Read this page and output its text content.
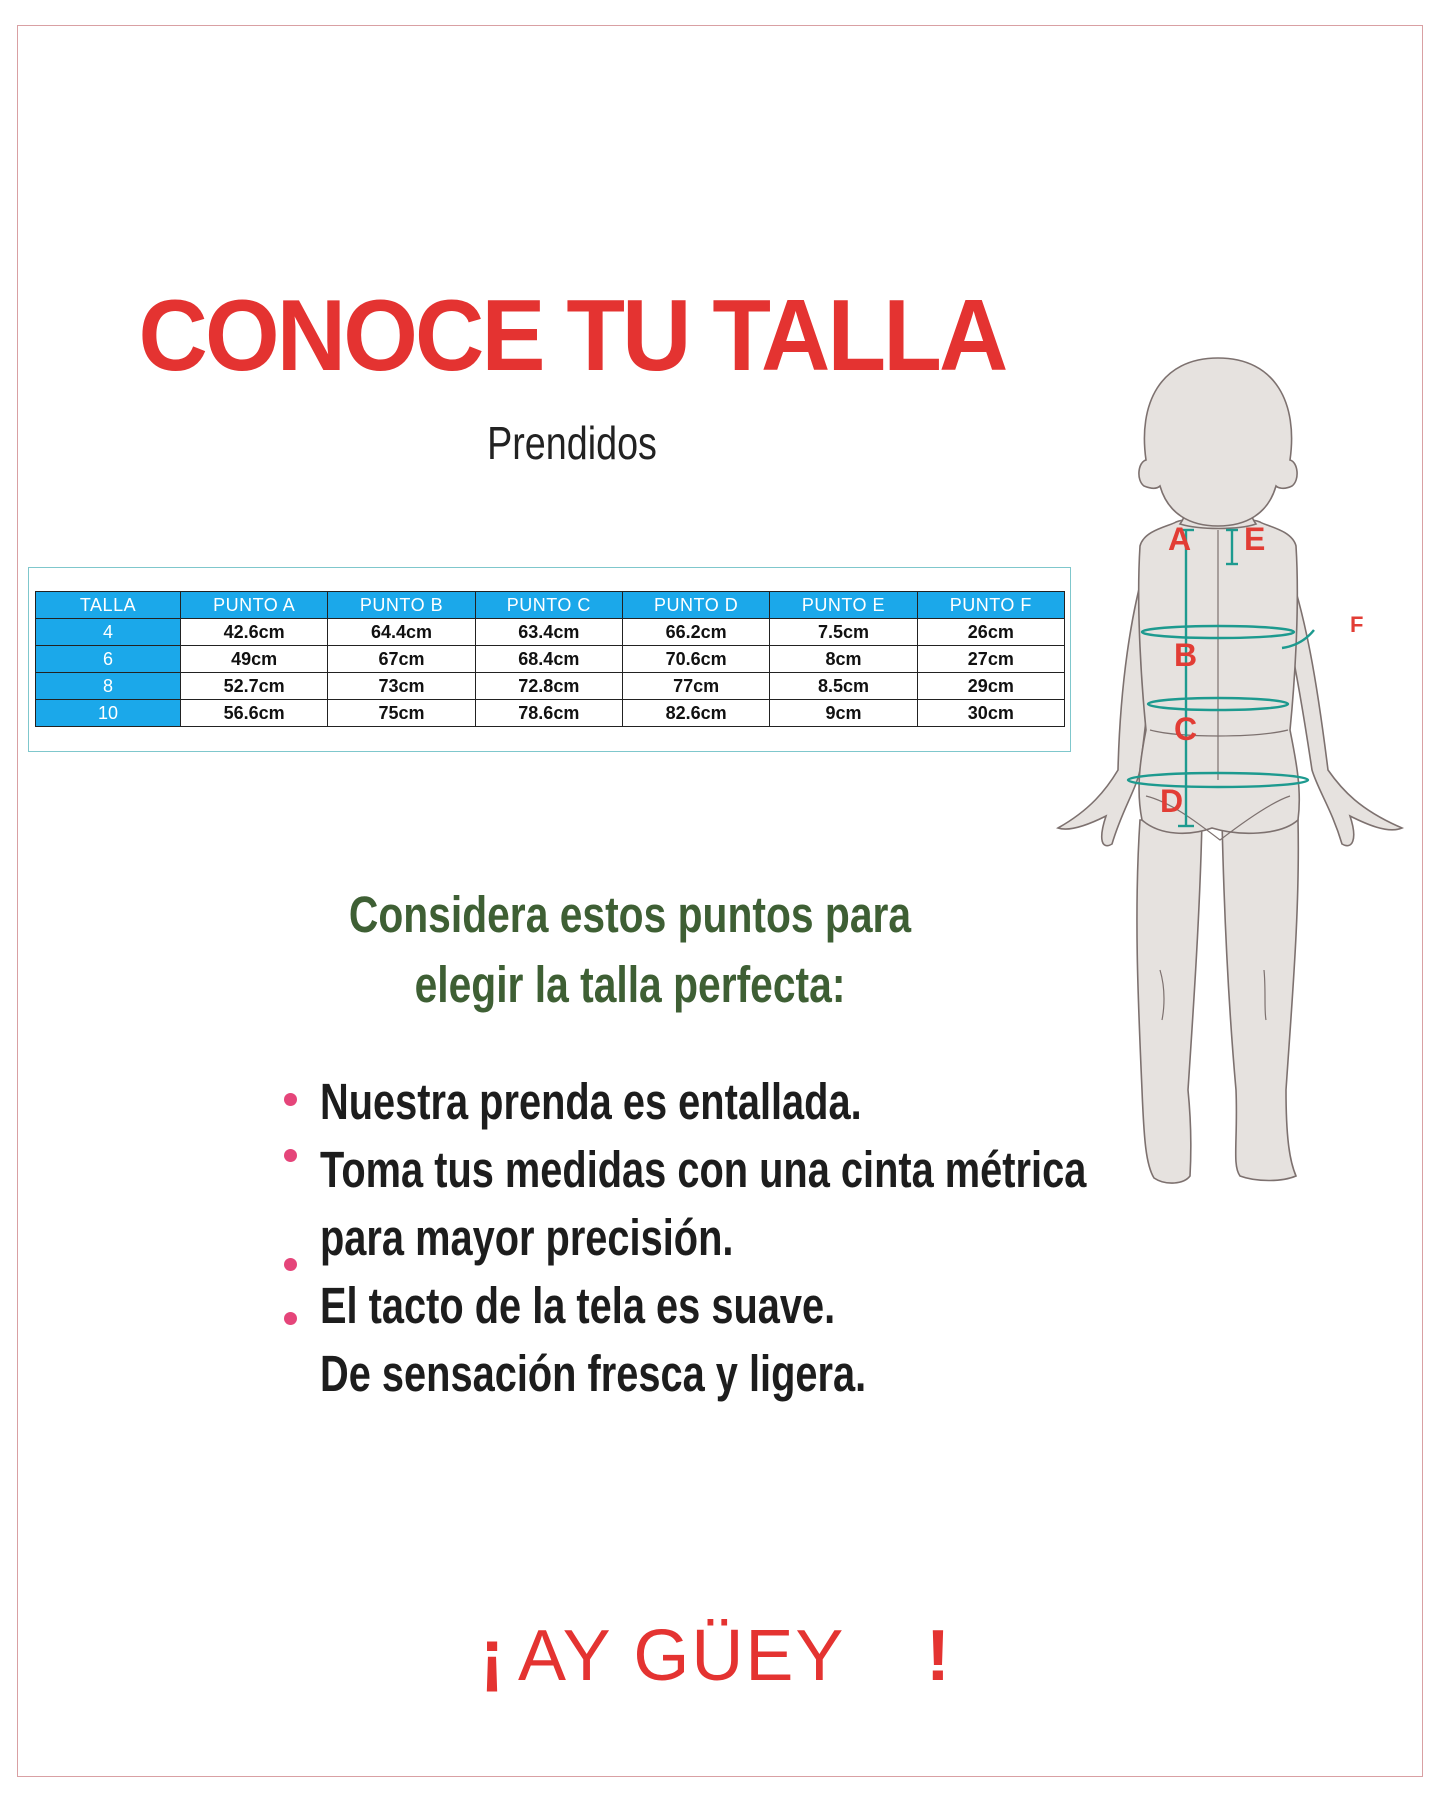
CONOCE TU TALLA
Prendidos
TALLA	PUNTO A	PUNTO B	PUNTO C	PUNTO D	PUNTO E	PUNTO F
4	42.6cm	64.4cm	63.4cm	66.2cm	7.5cm	26cm
6	49cm	67cm	68.4cm	70.6cm	8cm	27cm
8	52.7cm	73cm	72.8cm	77cm	8.5cm	29cm
10	56.6cm	75cm	78.6cm	82.6cm	9cm	30cm
Considera estos puntos para
elegir la talla perfecta:
Nuestra prenda es entallada.
Toma tus medidas con una cinta métrica
para mayor precisión.
El tacto de la tela es suave.
De sensación fresca y ligera.
A E
B
C
D
F
¡ AY GÜEY !
